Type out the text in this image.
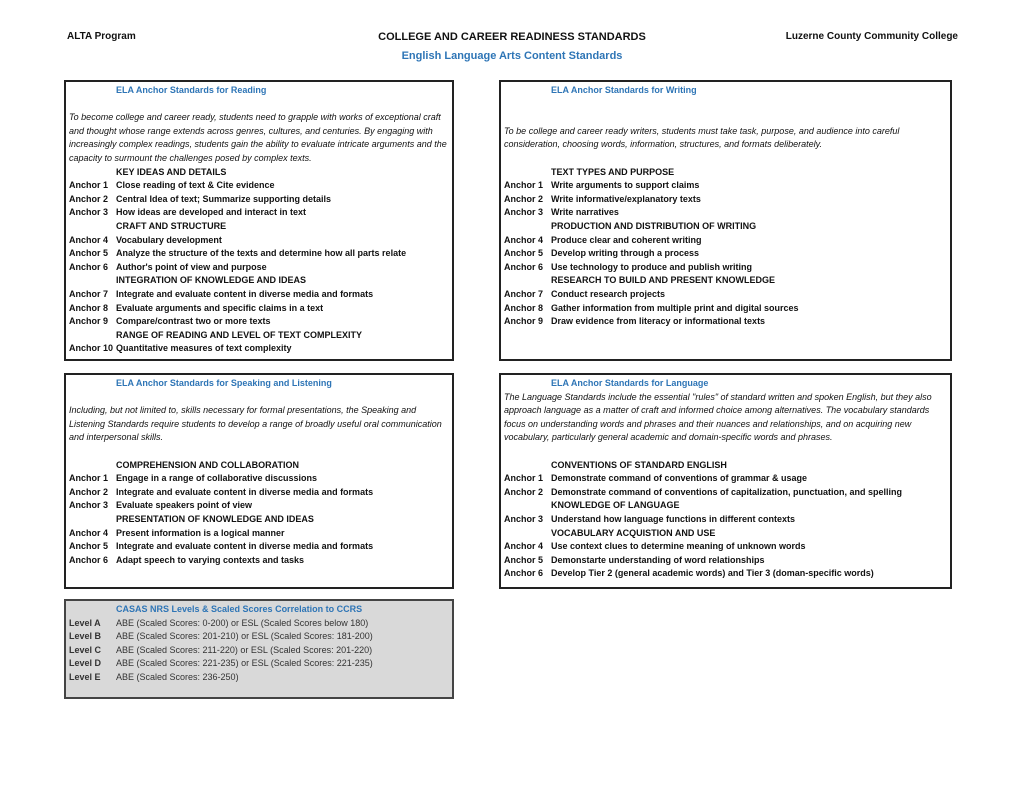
ALTA Program	COLLEGE AND CAREER READINESS STANDARDS	Luzerne County Community College
English Language Arts Content Standards
ELA Anchor Standards for Reading
To become college and career ready, students need to grapple with works of exceptional craft and thought whose range extends across genres, cultures, and centuries. By engaging with increasingly complex readings, students gain the ability to evaluate intricate arguments and the capacity to surmount the challenges posed by complex texts.
KEY IDEAS AND DETAILS
Anchor 1 Close reading of text & Cite evidence
Anchor 2 Central Idea of text; Summarize supporting details
Anchor 3 How ideas are developed and interact in text
CRAFT AND STRUCTURE
Anchor 4 Vocabulary development
Anchor 5 Analyze the structure of the texts and determine how all parts relate
Anchor 6 Author's point of view and purpose
INTEGRATION OF KNOWLEDGE AND IDEAS
Anchor 7 Integrate and evaluate content in diverse media and formats
Anchor 8 Evaluate arguments and specific claims in a text
Anchor 9 Compare/contrast two or more texts
RANGE OF READING AND LEVEL OF TEXT COMPLEXITY
Anchor 10 Quantitative measures of text complexity
ELA Anchor Standards for Writing
To be college and career ready writers, students must take task, purpose, and audience into careful consideration, choosing words, information, structures, and formats deliberately.
TEXT TYPES AND PURPOSE
Anchor 1 Write arguments to support claims
Anchor 2 Write informative/explanatory texts
Anchor 3 Write narratives
PRODUCTION AND DISTRIBUTION OF WRITING
Anchor 4 Produce clear and coherent writing
Anchor 5 Develop writing through a process
Anchor 6 Use technology to produce and publish writing
RESEARCH TO BUILD AND PRESENT KNOWLEDGE
Anchor 7 Conduct research projects
Anchor 8 Gather information from multiple print and digital sources
Anchor 9 Draw evidence from literacy or informational texts
ELA Anchor Standards for Speaking and Listening
Including, but not limited to, skills necessary for formal presentations, the Speaking and Listening Standards require students to develop a range of broadly useful oral communication and interpersonal skills.
COMPREHENSION AND COLLABORATION
Anchor 1 Engage in a range of collaborative discussions
Anchor 2 Integrate and evaluate content in diverse media and formats
Anchor 3 Evaluate speakers point of view
PRESENTATION OF KNOWLEDGE AND IDEAS
Anchor 4 Present information is a logical manner
Anchor 5 Integrate and evaluate content in diverse media and formats
Anchor 6 Adapt speech to varying contexts and tasks
ELA Anchor Standards for Language
The Language Standards include the essential "rules" of standard written and spoken English, but they also approach language as a matter of craft and informed choice among alternatives. The vocabulary standards focus on understanding words and phrases and their nuances and relationships, and on acquiring new vocabulary, particularly general academic and domain-specific words and phrases.
CONVENTIONS OF STANDARD ENGLISH
Anchor 1 Demonstrate command of conventions of grammar & usage
Anchor 2 Demonstrate command of conventions of capitalization, punctuation, and spelling
KNOWLEDGE OF LANGUAGE
Anchor 3 Understand how language functions in different contexts
VOCABULARY ACQUISTION AND USE
Anchor 4 Use context clues to determine meaning of unknown words
Anchor 5 Demonstarte understanding of word relationships
Anchor 6 Develop Tier 2 (general academic words) and Tier 3 (doman-specific words)
CASAS NRS Levels & Scaled Scores Correlation to CCRS
Level A	ABE (Scaled Scores: 0-200) or ESL (Scaled Scores below 180)
Level B	ABE (Scaled Scores: 201-210) or ESL (Scaled Scores: 181-200)
Level C	ABE (Scaled Scores: 211-220) or ESL (Scaled Scores: 201-220)
Level D	ABE (Scaled Scores: 221-235) or ESL (Scaled Scores: 221-235)
Level E	ABE (Scaled Scores: 236-250)
